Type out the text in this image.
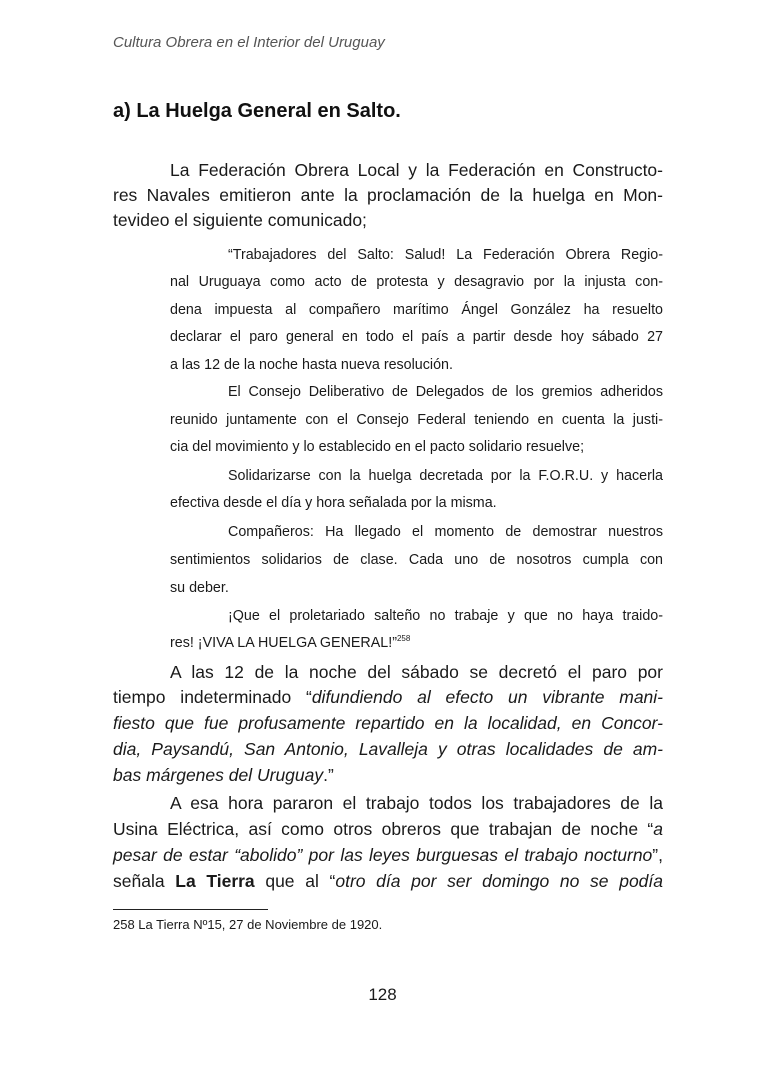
Cultura Obrera en el Interior del Uruguay
a) La Huelga General en Salto.

La Federación Obrera Local y la Federación en Constructo-

res Navales emitieron ante la proclamación de la huelga en Mon-

tevideo el siguiente comunicado;

“Trabajadores del Salto: Salud! La Federación Obrera Regio-

nal Uruguaya como acto de protesta y desagravio por la injusta con-

dena impuesta al compañero marítimo Ángel González ha resuelto

declarar el paro general en todo el país a partir desde hoy sábado 27

a las 12 de la noche hasta nueva resolución.

El Consejo Deliberativo de Delegados de los gremios adheridos

reunido juntamente con el Consejo Federal teniendo en cuenta la justi-

cia del movimiento y lo establecido en el pacto solidario resuelve;

Solidarizarse con la huelga decretada por la F.O.R.U. y hacerla

efectiva desde el día y hora señalada por la misma.

Compañeros: Ha llegado el momento de demostrar nuestros

sentimientos solidarios de clase. Cada uno de nosotros cumpla con

su deber.

¡Que el proletariado salteño no trabaje y que no haya traido-

res! ¡VIVA LA HUELGA GENERAL!”$^{258}$

A las 12 de la noche del sábado se decretó el paro por

tiempo indeterminado “difundiendo al efecto un vibrante mani-

fiesto que fue profusamente repartido en la localidad, en Concor-

dia, Paysandú, San Antonio, Lavalleja y otras localidades de am-

bas márgenes del Uruguay.”

A esa hora pararon el trabajo todos los trabajadores de la

Usina Eléctrica, así como otros obreros que trabajan de noche “a

pesar de estar “abolido” por las leyes burguesas el trabajo nocturno”,

señala La Tierra que al “otro día por ser domingo no se podía

258 La Tierra Nº15, 27 de Noviembre de 1920.
128
